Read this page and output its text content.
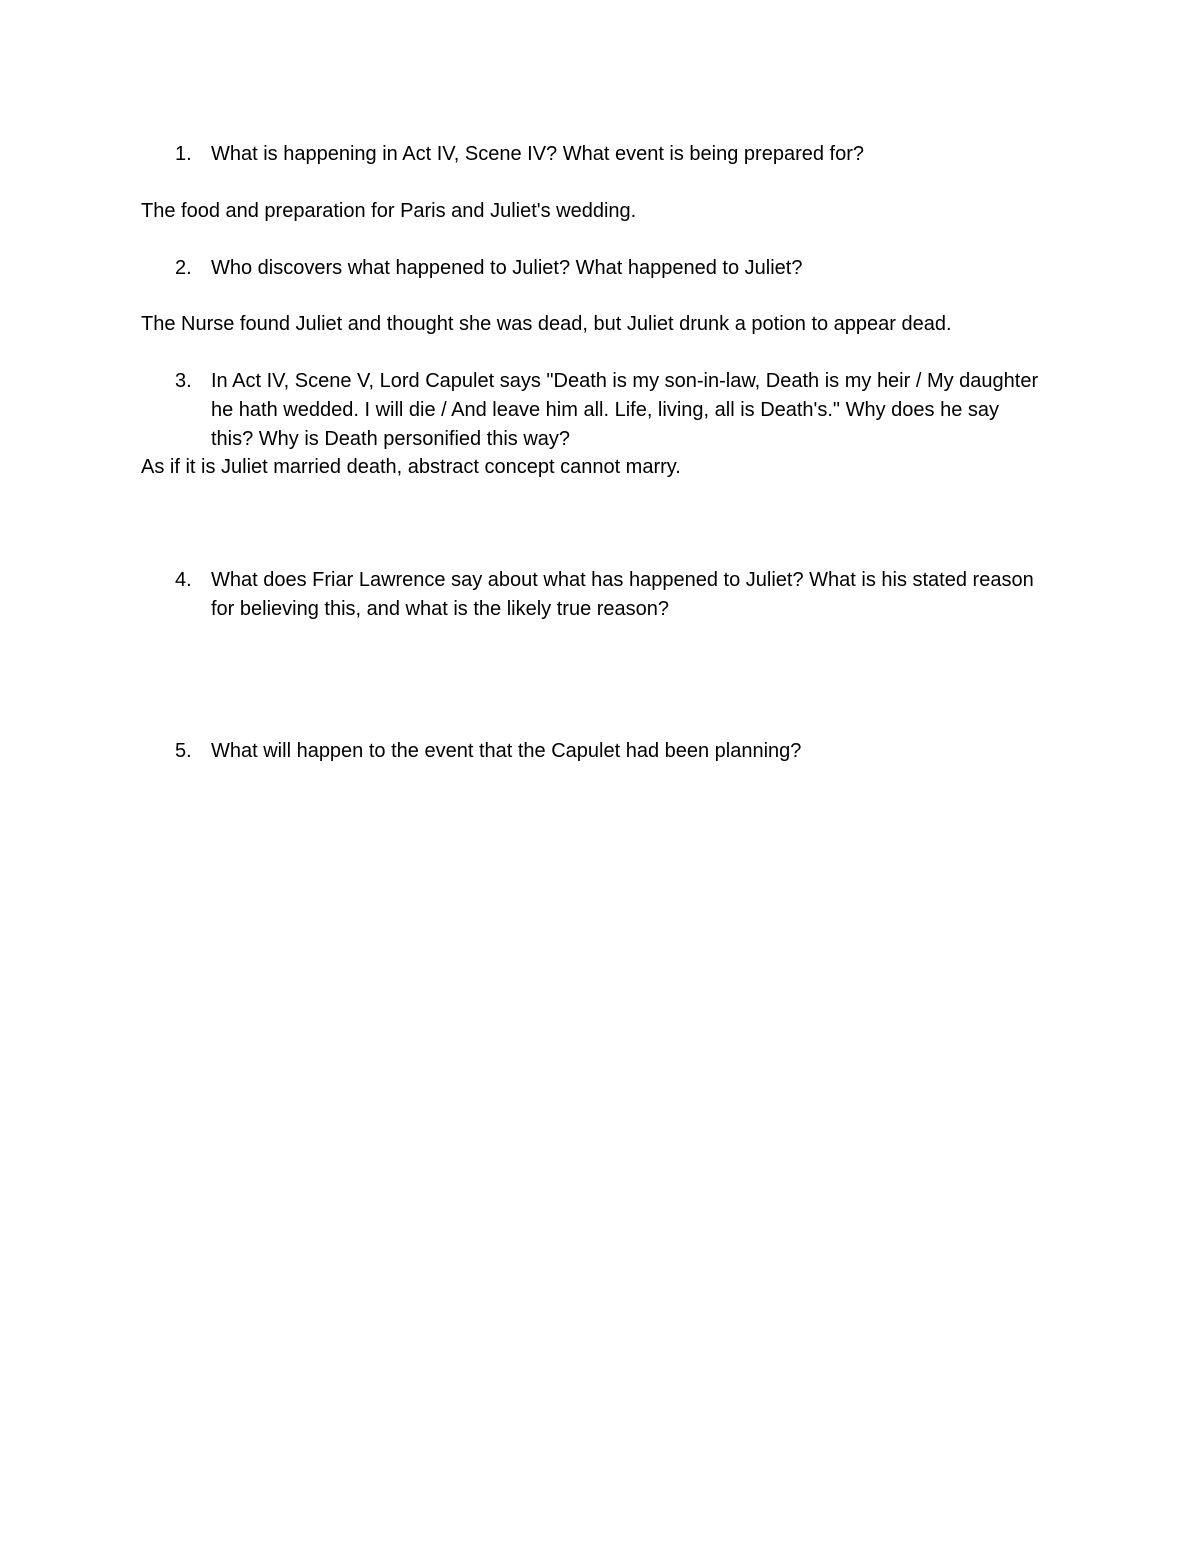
1. What is happening in Act IV, Scene IV? What event is being prepared for?
The food and preparation for Paris and Juliet's wedding.
2. Who discovers what happened to Juliet? What happened to Juliet?
The Nurse found Juliet and thought she was dead, but Juliet drunk a potion to appear dead.
3. In Act IV, Scene V, Lord Capulet says "Death is my son-in-law, Death is my heir / My daughter he hath wedded. I will die / And leave him all. Life, living, all is Death's." Why does he say this? Why is Death personified this way?
As if it is Juliet married death, abstract concept cannot marry.
4. What does Friar Lawrence say about what has happened to Juliet? What is his stated reason for believing this, and what is the likely true reason?
5. What will happen to the event that the Capulet had been planning?
